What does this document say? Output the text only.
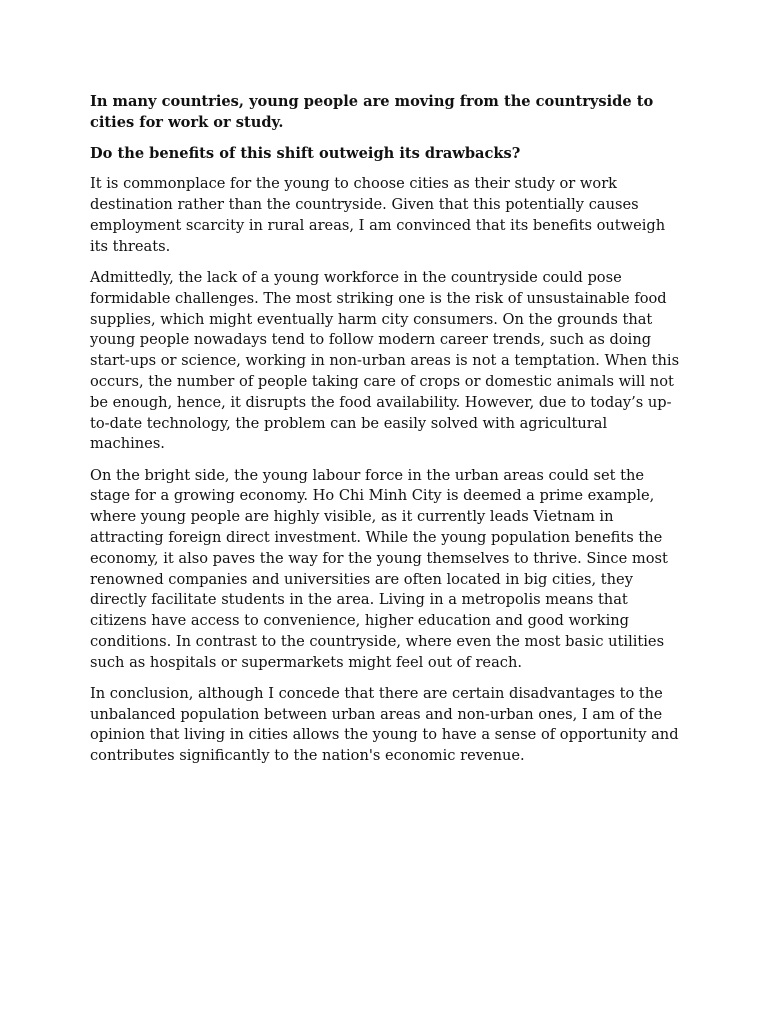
In many countries, young people are moving from the countryside to cities for work or study.

Do the benefits of this shift outweigh its drawbacks?

It is commonplace for the young to choose cities as their study or work destination rather than the countryside. Given that this potentially causes employment scarcity in rural areas, I am convinced that its benefits outweigh its threats.

Admittedly, the lack of a young workforce in the countryside could pose formidable challenges. The most striking one is the risk of unsustainable food supplies, which might eventually harm city consumers. On the grounds that young people nowadays tend to follow modern career trends, such as doing start-ups or science, working in non-urban areas is not a temptation. When this occurs, the number of people taking care of crops or domestic animals will not be enough, hence, it disrupts the food availability. However, due to today’s up-to-date technology, the problem can be easily solved with agricultural machines.

On the bright side, the young labour force in the urban areas could set the stage for a growing economy. Ho Chi Minh City is deemed a prime example, where young people are highly visible, as it currently leads Vietnam in attracting foreign direct investment. While the young population benefits the economy, it also paves the way for the young themselves to thrive. Since most renowned companies and universities are often located in big cities, they directly facilitate students in the area. Living in a metropolis means that citizens have access to convenience, higher education and good working conditions. In contrast to the countryside, where even the most basic utilities such as hospitals or supermarkets might feel out of reach.

In conclusion, although I concede that there are certain disadvantages to the unbalanced population between urban areas and non-urban ones, I am of the opinion that living in cities allows the young to have a sense of opportunity and contributes significantly to the nation's economic revenue.
